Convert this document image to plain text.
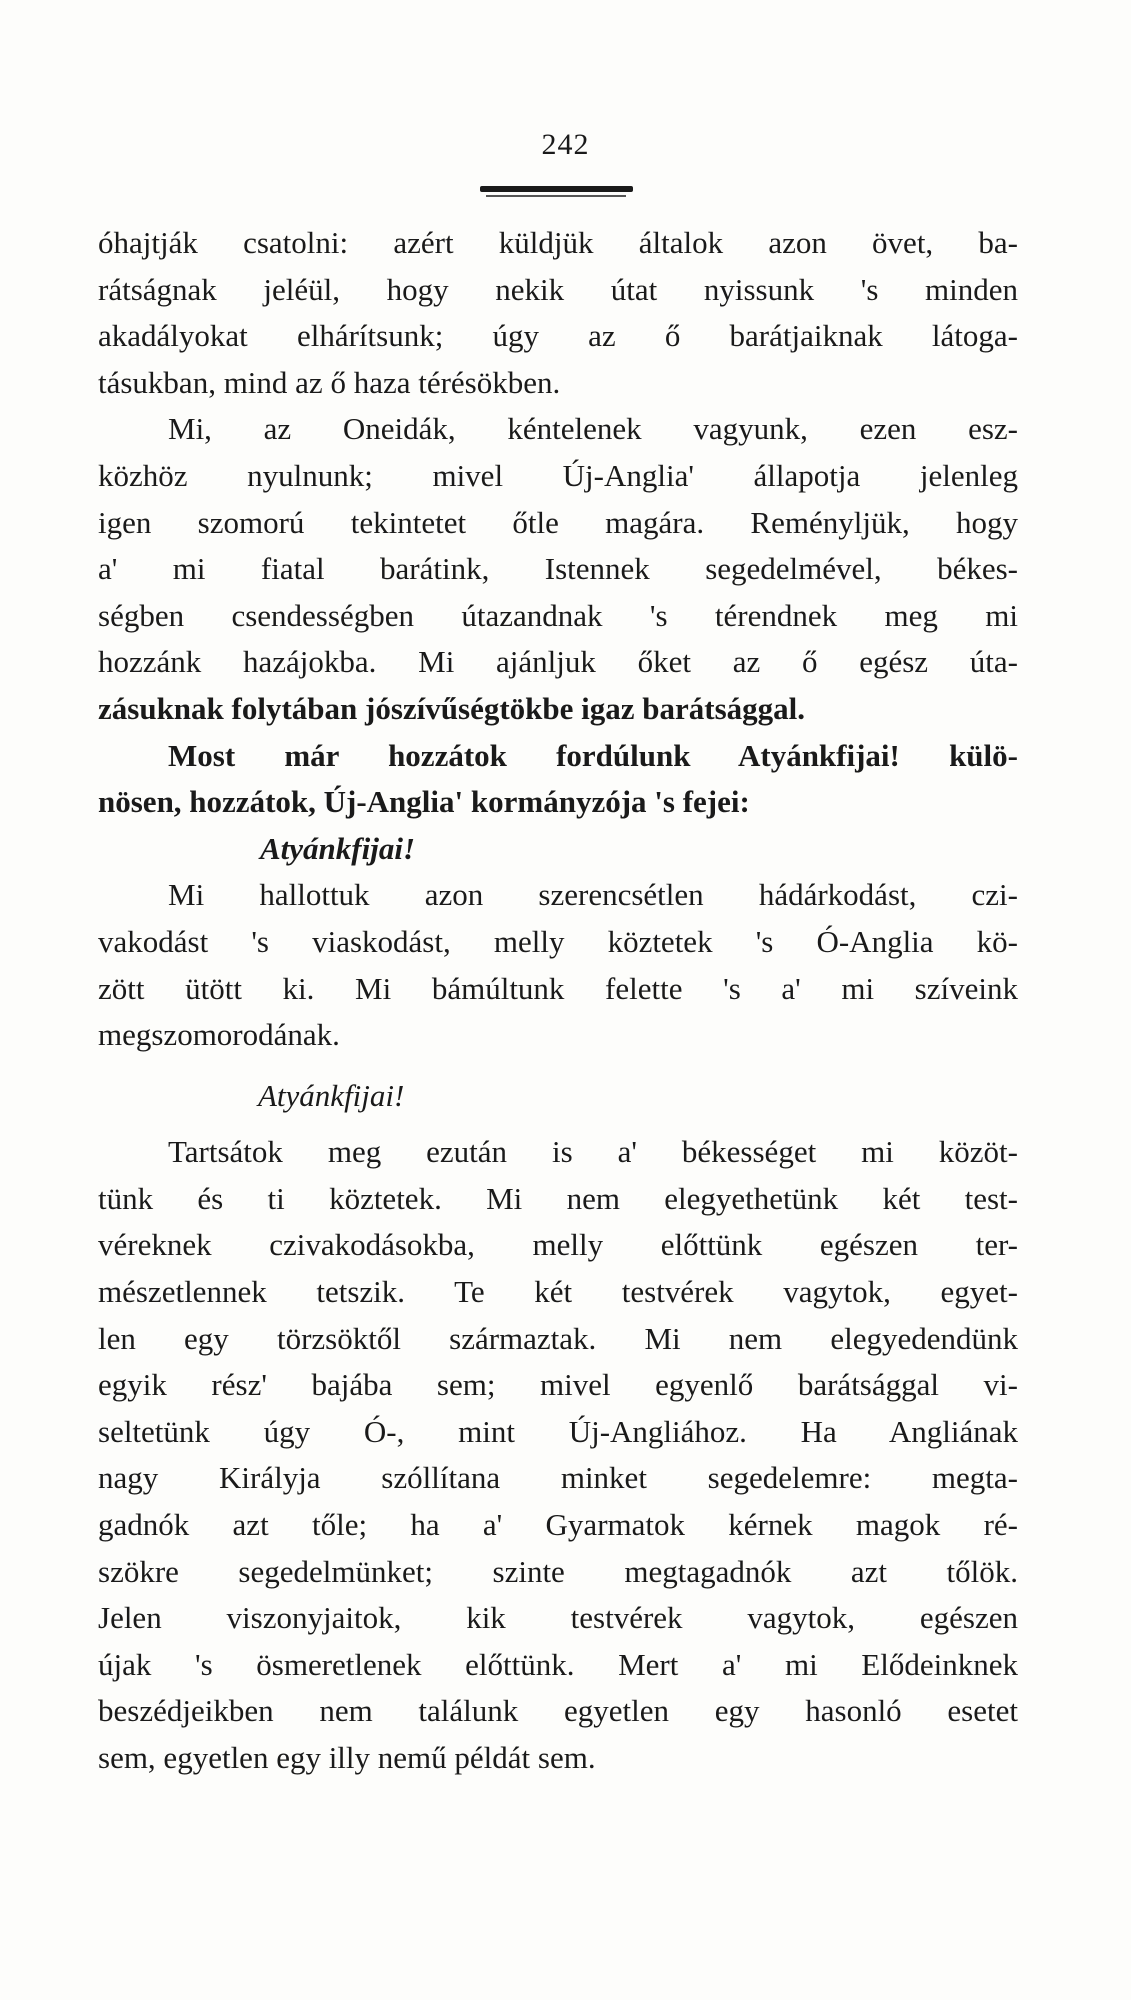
242
óhajtják csatolni: azért küldjük általok azon övet, ba-
rátságnak jeléül, hogy nekik útat nyissunk 's minden
akadályokat elhárítsunk; úgy az ő barátjaiknak látoga-
tásukban, mind az ő haza térésökben.
Mi, az Oneidák, kéntelenek vagyunk, ezen esz-
közhöz nyulnunk; mivel Új-Anglia' állapotja jelenleg
igen szomorú tekintetet őtle magára. Reményljük, hogy
a' mi fiatal barátink, Istennek segedelmével, békes-
ségben csendességben útazandnak 's térendnek meg mi
hozzánk hazájokba. Mi ajánljuk őket az ő egész úta-
zásuknak folytában jószívűségtökbe igaz barátsággal.
Most már hozzátok fordúlunk Atyánkfijai! külö-
nösen, hozzátok, Új-Anglia' kormányzója 's fejei:
Atyánkfijai!
Mi hallottuk azon szerencsétlen hádárkodást, czi-
vakodást 's viaskodást, melly köztetek 's Ó-Anglia kö-
zött ütött ki. Mi bámúltunk felette 's a' mi szíveink
megszomorodának.
Atyánkfijai!
Tartsátok meg ezután is a' békességet mi közöt-
tünk és ti köztetek. Mi nem elegyethetünk két test-
véreknek czivakodásokba, melly előttünk egészen ter-
mészetlennek tetszik. Te két testvérek vagytok, egyet-
len egy törzsöktől származtak. Mi nem elegyedendünk
egyik rész' bajába sem; mivel egyenlő barátsággal vi-
seltetünk úgy Ó-, mint Új-Angliához. Ha Angliának
nagy Királyja szóllítana minket segedelemre: megta-
gadnók azt tőle; ha a' Gyarmatok kérnek magok ré-
szökre segedelmünket; szinte megtagadnók azt tőlök.
Jelen viszonyjaitok, kik testvérek vagytok, egészen
újak 's ösmeretlenek előttünk. Mert a' mi Elődeinknek
beszédjeikben nem találunk egyetlen egy hasonló esetet
sem, egyetlen egy illy nemű példát sem.
